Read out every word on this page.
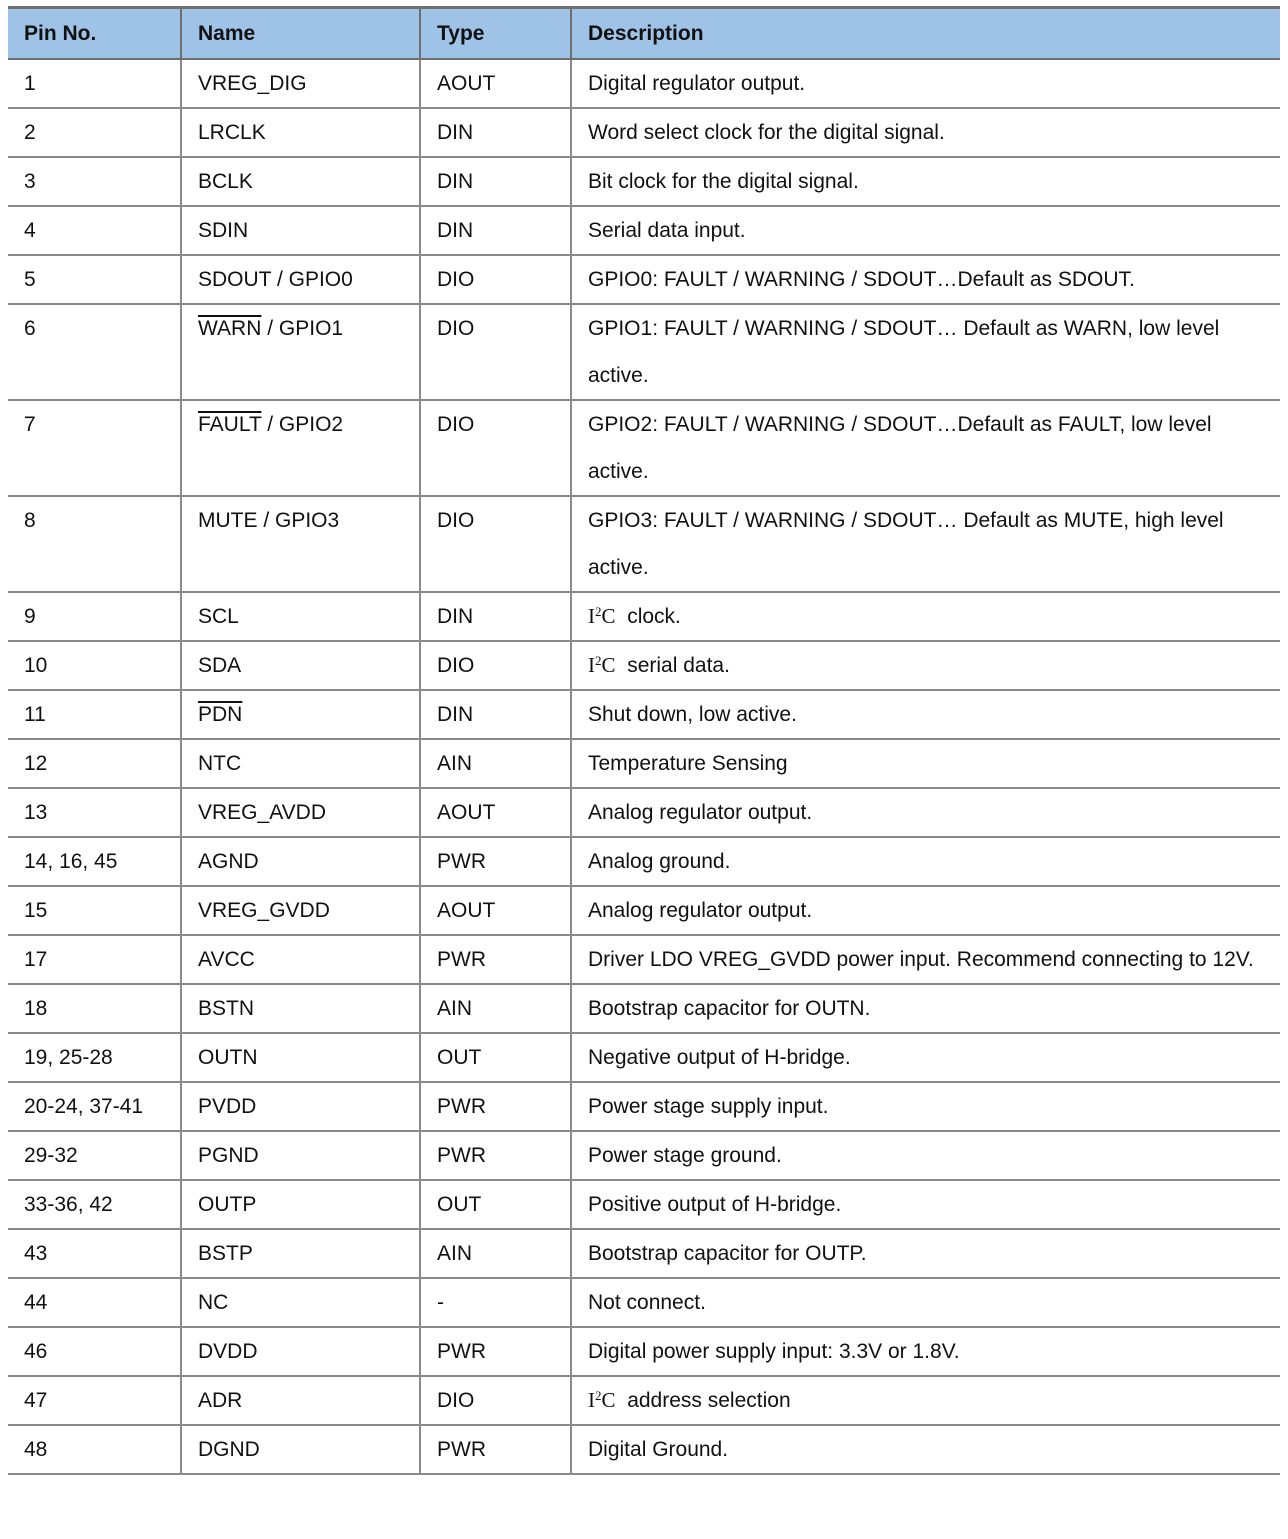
Pin No.	Name	Type	Description
1	VREG_DIG	AOUT	Digital regulator output.
2	LRCLK	DIN	Word select clock for the digital signal.
3	BCLK	DIN	Bit clock for the digital signal.
4	SDIN	DIN	Serial data input.
5	SDOUT / GPIO0	DIO	GPIO0: FAULT / WARNING / SDOUT…Default as SDOUT.
6	WARN / GPIO1	DIO	GPIO1: FAULT / WARNING / SDOUT… Default as WARN, low level active.
7	FAULT / GPIO2	DIO	GPIO2: FAULT / WARNING / SDOUT…Default as FAULT, low level active.
8	MUTE / GPIO3	DIO	GPIO3: FAULT / WARNING / SDOUT… Default as MUTE, high level active.
9	SCL	DIN	$I^2C$ clock.
10	SDA	DIO	$I^2C$ serial data.
11	$\overline{PDN}$	DIN	Shut down, low active.
12	NTC	AIN	Temperature Sensing
13	VREG_AVDD	AOUT	Analog regulator output.
14, 16, 45	AGND	PWR	Analog ground.
15	VREG_GVDD	AOUT	Analog regulator output.
17	AVCC	PWR	Driver LDO VREG_GVDD power input. Recommend connecting to 12V.
18	BSTN	AIN	Bootstrap capacitor for OUTN.
19, 25-28	OUTN	OUT	Negative output of H-bridge.
20-24, 37-41	PVDD	PWR	Power stage supply input.
29-32	PGND	PWR	Power stage ground.
33-36, 42	OUTP	OUT	Positive output of H-bridge.
43	BSTP	AIN	Bootstrap capacitor for OUTP.
44	NC	-	Not connect.
46	DVDD	PWR	Digital power supply input: 3.3V or 1.8V.
47	ADR	DIO	$I^2C$ address selection
48	DGND	PWR	Digital Ground.
